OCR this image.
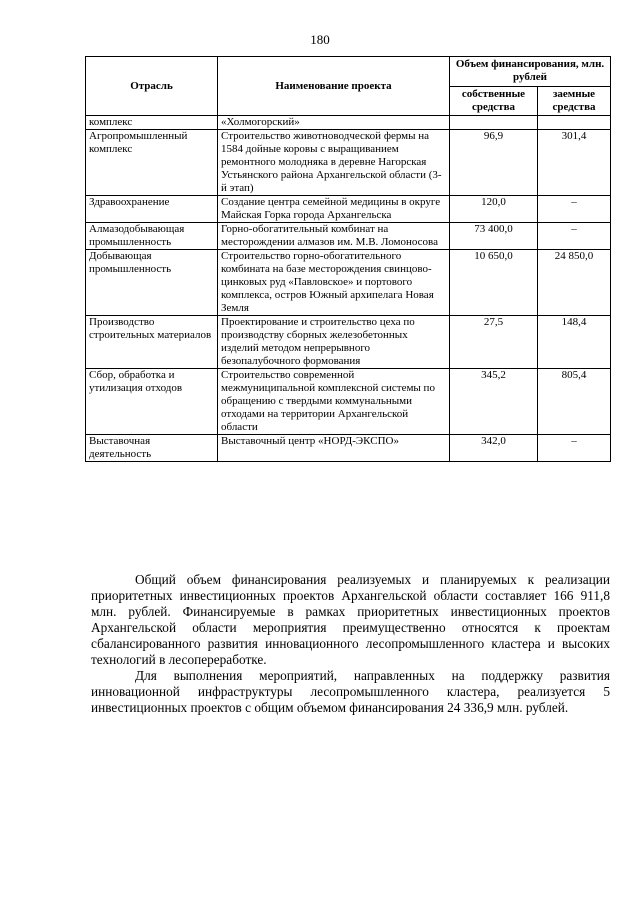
180
Отрасль	Наименование проекта	Объем финансирования, млн. рублей	
		собственные средства	заемные средства
комплекс	«Холмогорский»		
Агропромышленный комплекс	Строительство животноводческой фермы на 1584 дойные коровы с выращиванием ремонтного молодняка в деревне Нагорская Устьянского района Архангельской области (3-й этап)	96,9	301,4
Здравоохранение	Создание центра семейной медицины в округе Майская Горка города Архангельска	120,0	–
Алмазодобывающая промышленность	Горно-обогатительный комбинат на месторождении алмазов им. М.В. Ломоносова	73 400,0	–
Добывающая промышленность	Строительство горно-обогатительного комбината на базе месторождения свинцово-цинковых руд «Павловское» и портового комплекса, остров Южный архипелага Новая Земля	10 650,0	24 850,0
Производство строительных материалов	Проектирование и строительство цеха по производству сборных железобетонных изделий методом непрерывного безопалубочного формования	27,5	148,4
Сбор, обработка и утилизация отходов	Строительство современной межмуниципальной комплексной системы по обращению с твердыми коммунальными отходами на территории Архангельской области	345,2	805,4
Выставочная деятельность	Выставочный центр «НОРД-ЭКСПО»	342,0	–

Общий объем финансирования реализуемых и планируемых к реализации приоритетных инвестиционных проектов Архангельской области составляет 166 911,8 млн. рублей. Финансируемые в рамках приоритетных инвестиционных проектов Архангельской области мероприятия преимущественно относятся к проектам сбалансированного развития инновационного лесопромышленного кластера и высоких технологий в лесопереработке.

Для выполнения мероприятий, направленных на поддержку развития инновационной инфраструктуры лесопромышленного кластера, реализуется 5 инвестиционных проектов с общим объемом финансирования 24 336,9 млн. рублей.
